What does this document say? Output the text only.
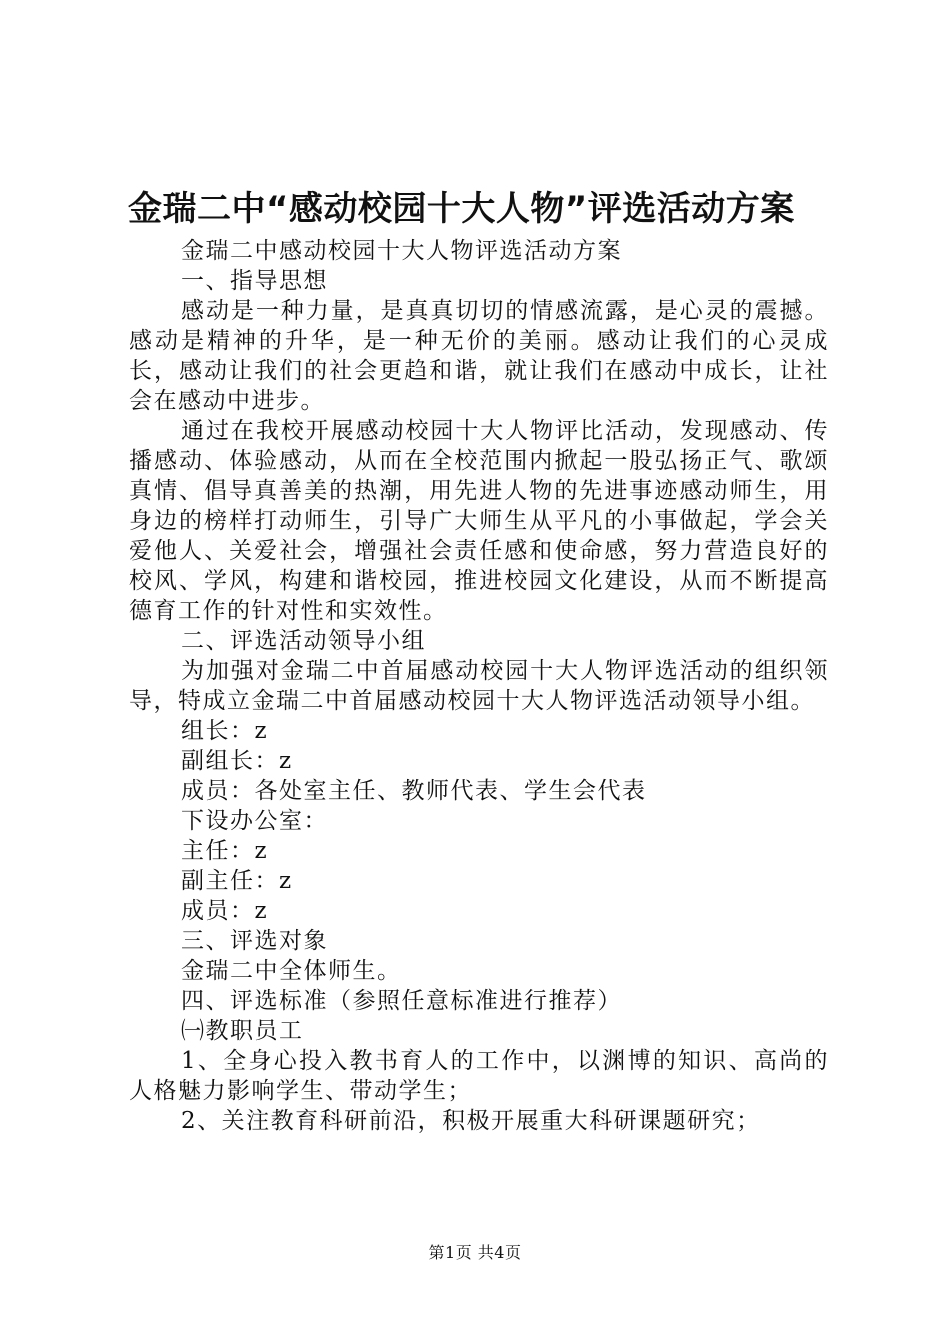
金瑞二中“感动校园十大人物”评选活动方案

金瑞二中感动校园十大人物评选活动方案

一、指导思想

感动是一种力量，是真真切切的情感流露，是心灵的震撼。感动是精神的升华，是一种无价的美丽。感动让我们的心灵成长，感动让我们的社会更趋和谐，就让我们在感动中成长，让社会在感动中进步。

通过在我校开展感动校园十大人物评比活动，发现感动、传播感动、体验感动，从而在全校范围内掀起一股弘扬正气、歌颂真情、倡导真善美的热潮，用先进人物的先进事迹感动师生，用身边的榜样打动师生，引导广大师生从平凡的小事做起，学会关爱他人、关爱社会，增强社会责任感和使命感，努力营造良好的校风、学风，构建和谐校园，推进校园文化建设，从而不断提高德育工作的针对性和实效性。

二、评选活动领导小组

为加强对金瑞二中首届感动校园十大人物评选活动的组织领导，特成立金瑞二中首届感动校园十大人物评选活动领导小组。

组长：z

副组长：z

成员：各处室主任、教师代表、学生会代表

下设办公室：

主任：z

副主任：z

成员：z

三、评选对象

金瑞二中全体师生。

四、评选标准（参照任意标准进行推荐）

㈠教职员工

1、全身心投入教书育人的工作中，以渊博的知识、高尚的人格魅力影响学生、带动学生；

2、关注教育科研前沿，积极开展重大科研课题研究；

第1页 共4页
